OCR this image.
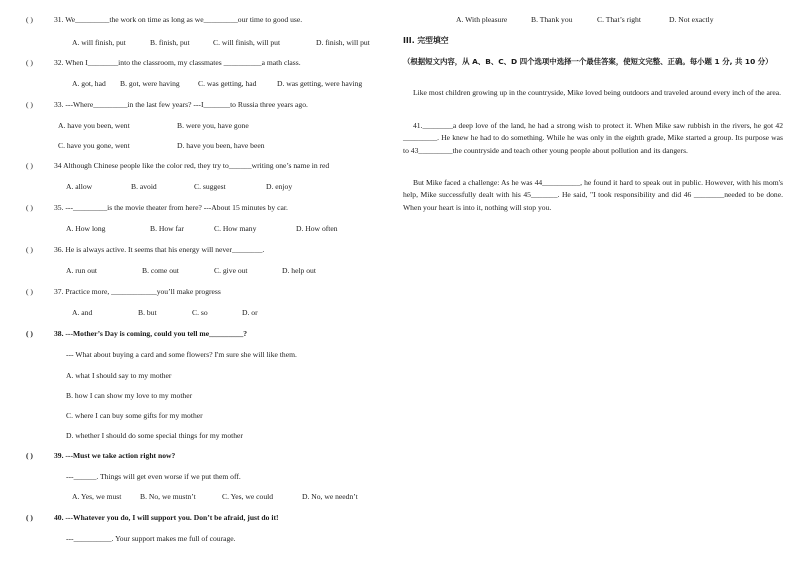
( )	31. We_________the work on time as long as we_________our time to good use.
A. will finish, put	B. finish, put	C. will finish, will put	D. finish, will put
( )	32. When I________into the classroom, my classmates __________a math class.
A. got, had B. got, were having C. was getting, had	D. was getting, were having
( )	33. ---Where_________in the last few years? ---I_______to Russia three years ago.
A. have you been, went	B. were you, have gone
C. have you gone, went	D. have you been, have been
( )	34 Although Chinese people like the color red, they try to______writing one’s name in red
A. allow	B. avoid	C. suggest	D. enjoy
( )	35. ---_________is the movie theater from here? ---About 15 minutes by car.
A. How long	B. How far	C. How many	D. How often
( )	36. He is always active. It seems that his energy will never________.
A. run out	B. come out	C. give out	D. help out
( )	37. Practice more, ____________you’ll make progress
A. and	B. but	C. so	D. or
( )	38. ---Mother’s Day is coming, could you tell me_________?
--- What about buying a card and some flowers? I'm sure she will like them.
A. what I should say to my mother
B. how I can show my love to my mother
C. where I can buy some gifts for my mother
D. whether I should do some special things for my mother
( )	39. ---Must we take action right now?
---______. Things will get even worse if we put them off.
A. Yes, we must B. No, we mustn’t	C. Yes, we could	D. No, we needn’t
( )	40. ---Whatever you do, I will support you. Don’t be afraid, just do it!
---__________. Your support makes me full of courage.
A. With pleasure	B. Thank you	C. That’s right	D. Not exactly
III. 完型填空
（根据短文内容，从 A、B、C、D 四个选项中选择一个最佳答案，使短文完整、正确。每小题 1 分, 共 10 分）
Like most children growing up in the countryside, Mike loved being outdoors and traveled around every inch of the area.
41.________a deep love of the land, he had a strong wish to protect it. When Mike saw rubbish in the rivers, he got 42 _________. He knew he had to do something. While he was only in the eighth grade, Mike started a group. Its purpose was to 43_________the countryside and teach other young people about pollution and its dangers.
But Mike faced a challenge: As he was 44__________, he found it hard to speak out in public. However, with his mom's help, Mike successfully dealt with his 45_______. He said, "I took responsibility and did 46 ________needed to be done. When your heart is into it, nothing will stop you.
